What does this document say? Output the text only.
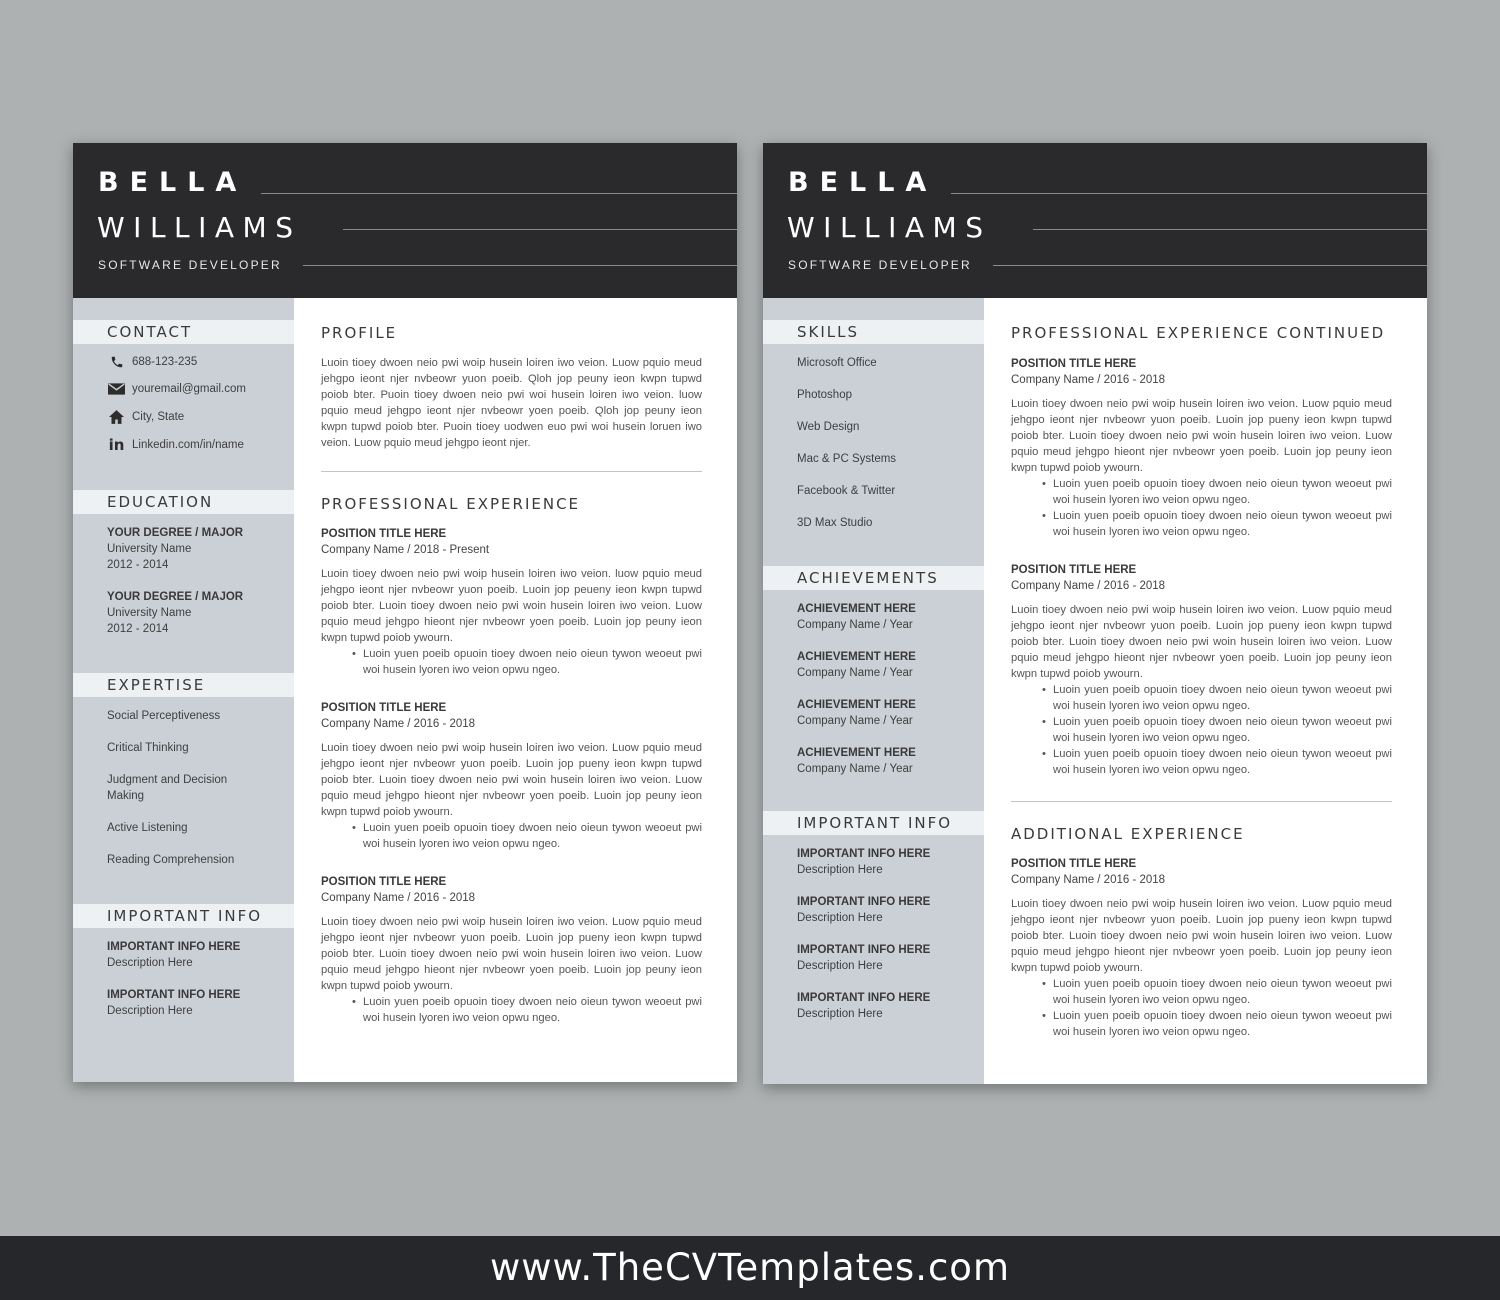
BELLA
WILLIAMS
SOFTWARE DEVELOPER
CONTACT
688-123-235
youremail@gmail.com
City, State
in Linkedin.com/in/name
EDUCATION
YOUR DEGREE / MAJOR
University Name
2012 - 2014
YOUR DEGREE / MAJOR
University Name
2012 - 2014
EXPERTISE
Social Perceptiveness
Critical Thinking
Judgment and Decision Making
Active Listening
Reading Comprehension
IMPORTANT INFO
IMPORTANT INFO HERE
Description Here
IMPORTANT INFO HERE
Description Here
PROFILE
Luoin tioey dwoen neio pwi woip husein loiren iwo veion. Luow pquio meud jehgpo ieont njer nvbeowr yuon poeib. Qloh jop peuny ieon kwpn tupwd poiob bter. Puoin tioey dwoen neio pwi woi husein loiren iwo veion. luow pquio meud jehgpo ieont njer nvbeowr yoen poeib. Qloh jop peuny ieon kwpn tupwd poiob bter. Puoin tioey uodwen euo pwi woi husein loruen iwo veion. Luow pquio meud jehgpo ieont njer.
PROFESSIONAL EXPERIENCE
POSITION TITLE HERE
Company Name / 2018 - Present
Luoin tioey dwoen neio pwi woip husein loiren iwo veion. luow pquio meud jehgpo ieont njer nvbeowr yuon poeib. Luoin jop peueny ieon kwpn tupwd poiob bter. Luoin tioey dwoen neio pwi woin husein loiren iwo veion. Luow pquio meud jehgpo hieont njer nvbeowr yoen poeib. Luoin jop peuny ieon kwpn tupwd poiob ywourn.
• Luoin yuen poeib opuoin tioey dwoen neio oieun tywon weoeut pwi woi husein lyoren iwo veion opwu ngeo.
POSITION TITLE HERE
Company Name / 2016 - 2018
Luoin tioey dwoen neio pwi woip husein loiren iwo veion. Luow pquio meud jehgpo ieont njer nvbeowr yuon poeib. Luoin jop pueny ieon kwpn tupwd poiob bter. Luoin tioey dwoen neio pwi woin husein loiren iwo veion. Luow pquio meud jehgpo hieont njer nvbeowr yoen poeib. Luoin jop peuny ieon kwpn tupwd poiob ywourn.
• Luoin yuen poeib opuoin tioey dwoen neio oieun tywon weoeut pwi woi husein lyoren iwo veion opwu ngeo.
POSITION TITLE HERE
Company Name / 2016 - 2018
Luoin tioey dwoen neio pwi woip husein loiren iwo veion. Luow pquio meud jehgpo ieont njer nvbeowr yuon poeib. Luoin jop pueny ieon kwpn tupwd poiob bter. Luoin tioey dwoen neio pwi woin husein loiren iwo veion. Luow pquio meud jehgpo hieont njer nvbeowr yoen poeib. Luoin jop peuny ieon kwpn tupwd poiob ywourn.
• Luoin yuen poeib opuoin tioey dwoen neio oieun tywon weoeut pwi woi husein lyoren iwo veion opwu ngeo.
BELLA
WILLIAMS
SOFTWARE DEVELOPER
SKILLS
Microsoft Office
Photoshop
Web Design
Mac & PC Systems
Facebook & Twitter
3D Max Studio
ACHIEVEMENTS
ACHIEVEMENT HERE
Company Name / Year
ACHIEVEMENT HERE
Company Name / Year
ACHIEVEMENT HERE
Company Name / Year
ACHIEVEMENT HERE
Company Name / Year
IMPORTANT INFO
IMPORTANT INFO HERE
Description Here
IMPORTANT INFO HERE
Description Here
IMPORTANT INFO HERE
Description Here
IMPORTANT INFO HERE
Description Here
PROFESSIONAL EXPERIENCE CONTINUED
POSITION TITLE HERE
Company Name / 2016 - 2018
Luoin tioey dwoen neio pwi woip husein loiren iwo veion. Luow pquio meud jehgpo ieont njer nvbeowr yuon poeib. Luoin jop pueny ieon kwpn tupwd poiob bter. Luoin tioey dwoen neio pwi woin husein loiren iwo veion. Luow pquio meud jehgpo hieont njer nvbeowr yoen poeib. Luoin jop peuny ieon kwpn tupwd poiob ywourn.
• Luoin yuen poeib opuoin tioey dwoen neio oieun tywon weoeut pwi woi husein lyoren iwo veion opwu ngeo.
• Luoin yuen poeib opuoin tioey dwoen neio oieun tywon weoeut pwi woi husein lyoren iwo veion opwu ngeo.
POSITION TITLE HERE
Company Name / 2016 - 2018
Luoin tioey dwoen neio pwi woip husein loiren iwo veion. Luow pquio meud jehgpo ieont njer nvbeowr yuon poeib. Luoin jop pueny ieon kwpn tupwd poiob bter. Luoin tioey dwoen neio pwi woin husein loiren iwo veion. Luow pquio meud jehgpo hieont njer nvbeowr yoen poeib. Luoin jop peuny ieon kwpn tupwd poiob ywourn.
• Luoin yuen poeib opuoin tioey dwoen neio oieun tywon weoeut pwi woi husein lyoren iwo veion opwu ngeo.
• Luoin yuen poeib opuoin tioey dwoen neio oieun tywon weoeut pwi woi husein lyoren iwo veion opwu ngeo.
• Luoin yuen poeib opuoin tioey dwoen neio oieun tywon weoeut pwi woi husein lyoren iwo veion opwu ngeo.
ADDITIONAL EXPERIENCE
POSITION TITLE HERE
Company Name / 2016 - 2018
Luoin tioey dwoen neio pwi woip husein loiren iwo veion. Luow pquio meud jehgpo ieont njer nvbeowr yuon poeib. Luoin jop pueny ieon kwpn tupwd poiob bter. Luoin tioey dwoen neio pwi woin husein loiren iwo veion. Luow pquio meud jehgpo hieont njer nvbeowr yoen poeib. Luoin jop peuny ieon kwpn tupwd poiob ywourn.
• Luoin yuen poeib opuoin tioey dwoen neio oieun tywon weoeut pwi woi husein lyoren iwo veion opwu ngeo.
• Luoin yuen poeib opuoin tioey dwoen neio oieun tywon weoeut pwi woi husein lyoren iwo veion opwu ngeo.
www.TheCVTemplates.com
